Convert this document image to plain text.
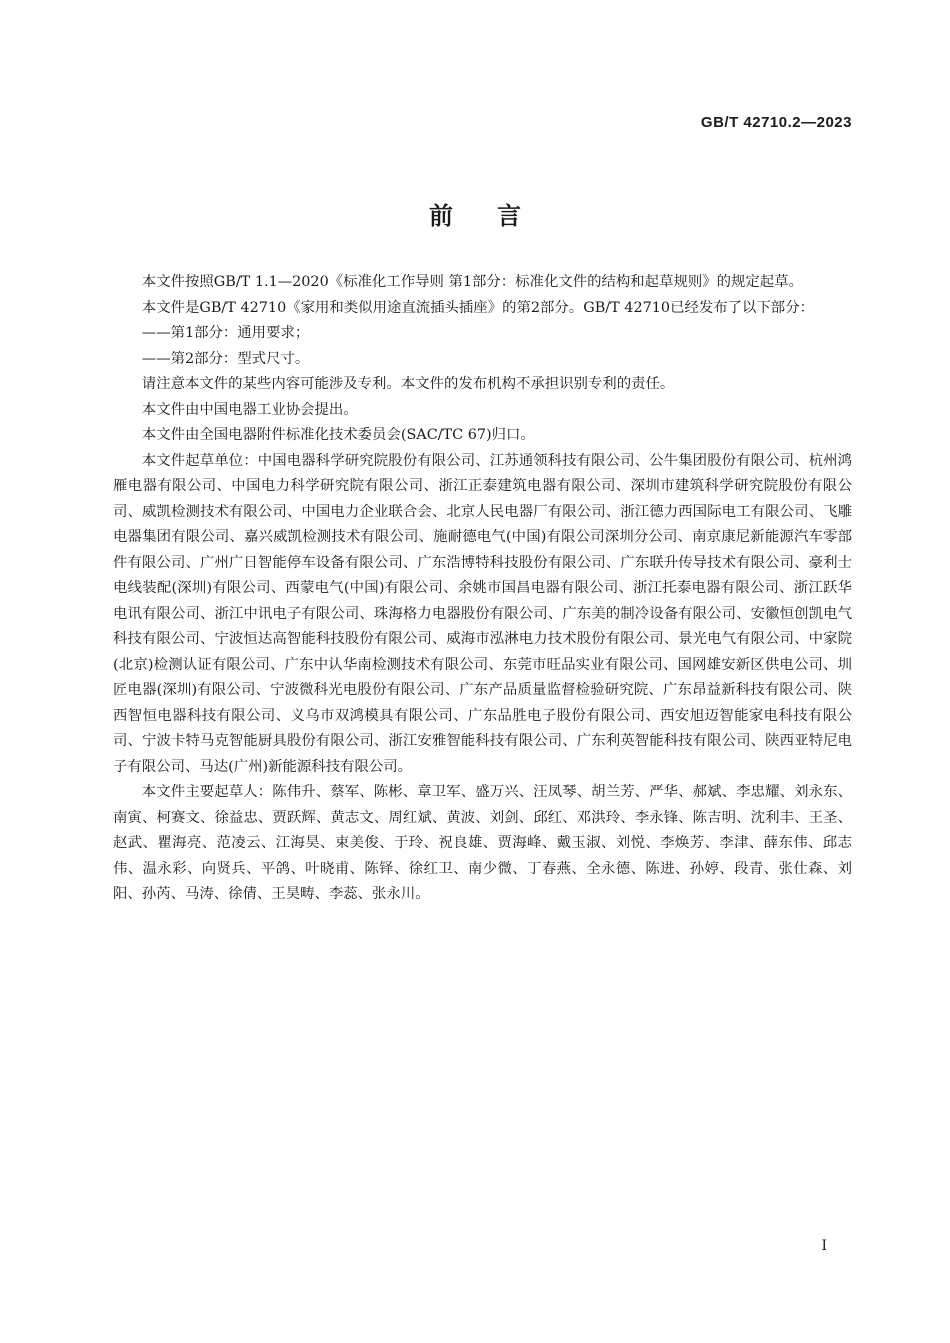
GB/T 42710.2—2023
前言

本文件按照GB/T 1.1—2020《标准化工作导则 第1部分：标准化文件的结构和起草规则》的规定起草。

本文件是GB/T 42710《家用和类似用途直流插头插座》的第2部分。GB/T 42710已经发布了以下部分：

——第1部分：通用要求；

——第2部分：型式尺寸。

请注意本文件的某些内容可能涉及专利。本文件的发布机构不承担识别专利的责任。

本文件由中国电器工业协会提出。

本文件由全国电器附件标准化技术委员会(SAC/TC 67)归口。

本文件起草单位：中国电器科学研究院股份有限公司、江苏通领科技有限公司、公牛集团股份有限公司、杭州鸿雁电器有限公司、中国电力科学研究院有限公司、浙江正泰建筑电器有限公司、深圳市建筑科学研究院股份有限公司、威凯检测技术有限公司、中国电力企业联合会、北京人民电器厂有限公司、浙江德力西国际电工有限公司、飞雕电器集团有限公司、嘉兴威凯检测技术有限公司、施耐德电气(中国)有限公司深圳分公司、南京康尼新能源汽车零部件有限公司、广州广日智能停车设备有限公司、广东浩博特科技股份有限公司、广东联升传导技术有限公司、豪利士电线装配(深圳)有限公司、西蒙电气(中国)有限公司、余姚市国昌电器有限公司、浙江托泰电器有限公司、浙江跃华电讯有限公司、浙江中讯电子有限公司、珠海格力电器股份有限公司、广东美的制冷设备有限公司、安徽恒创凯电气科技有限公司、宁波恒达高智能科技股份有限公司、威海市泓淋电力技术股份有限公司、景光电气有限公司、中家院(北京)检测认证有限公司、广东中认华南检测技术有限公司、东莞市旺品实业有限公司、国网雄安新区供电公司、圳匠电器(深圳)有限公司、宁波微科光电股份有限公司、广东产品质量监督检验研究院、广东昂益新科技有限公司、陕西智恒电器科技有限公司、义乌市双鸿模具有限公司、广东品胜电子股份有限公司、西安旭迈智能家电科技有限公司、宁波卡特马克智能厨具股份有限公司、浙江安雅智能科技有限公司、广东利英智能科技有限公司、陕西亚特尼电子有限公司、马达(广州)新能源科技有限公司。

本文件主要起草人：陈伟升、蔡军、陈彬、章卫军、盛万兴、汪凤琴、胡兰芳、严华、郝斌、李忠耀、刘永东、南寅、柯赛文、徐益忠、贾跃辉、黄志文、周红斌、黄波、刘剑、邱红、邓洪玲、李永锋、陈吉明、沈利丰、王圣、赵武、瞿海亮、范凌云、江海昊、束美俊、于玲、祝良雄、贾海峰、戴玉淑、刘悦、李焕芳、李津、薛东伟、邱志伟、温永彩、向贤兵、平鸽、叶晓甫、陈铎、徐红卫、南少微、丁春燕、全永德、陈进、孙婷、段青、张仕森、刘阳、孙芮、马涛、徐倩、王昊畴、李蕊、张永川。

I
